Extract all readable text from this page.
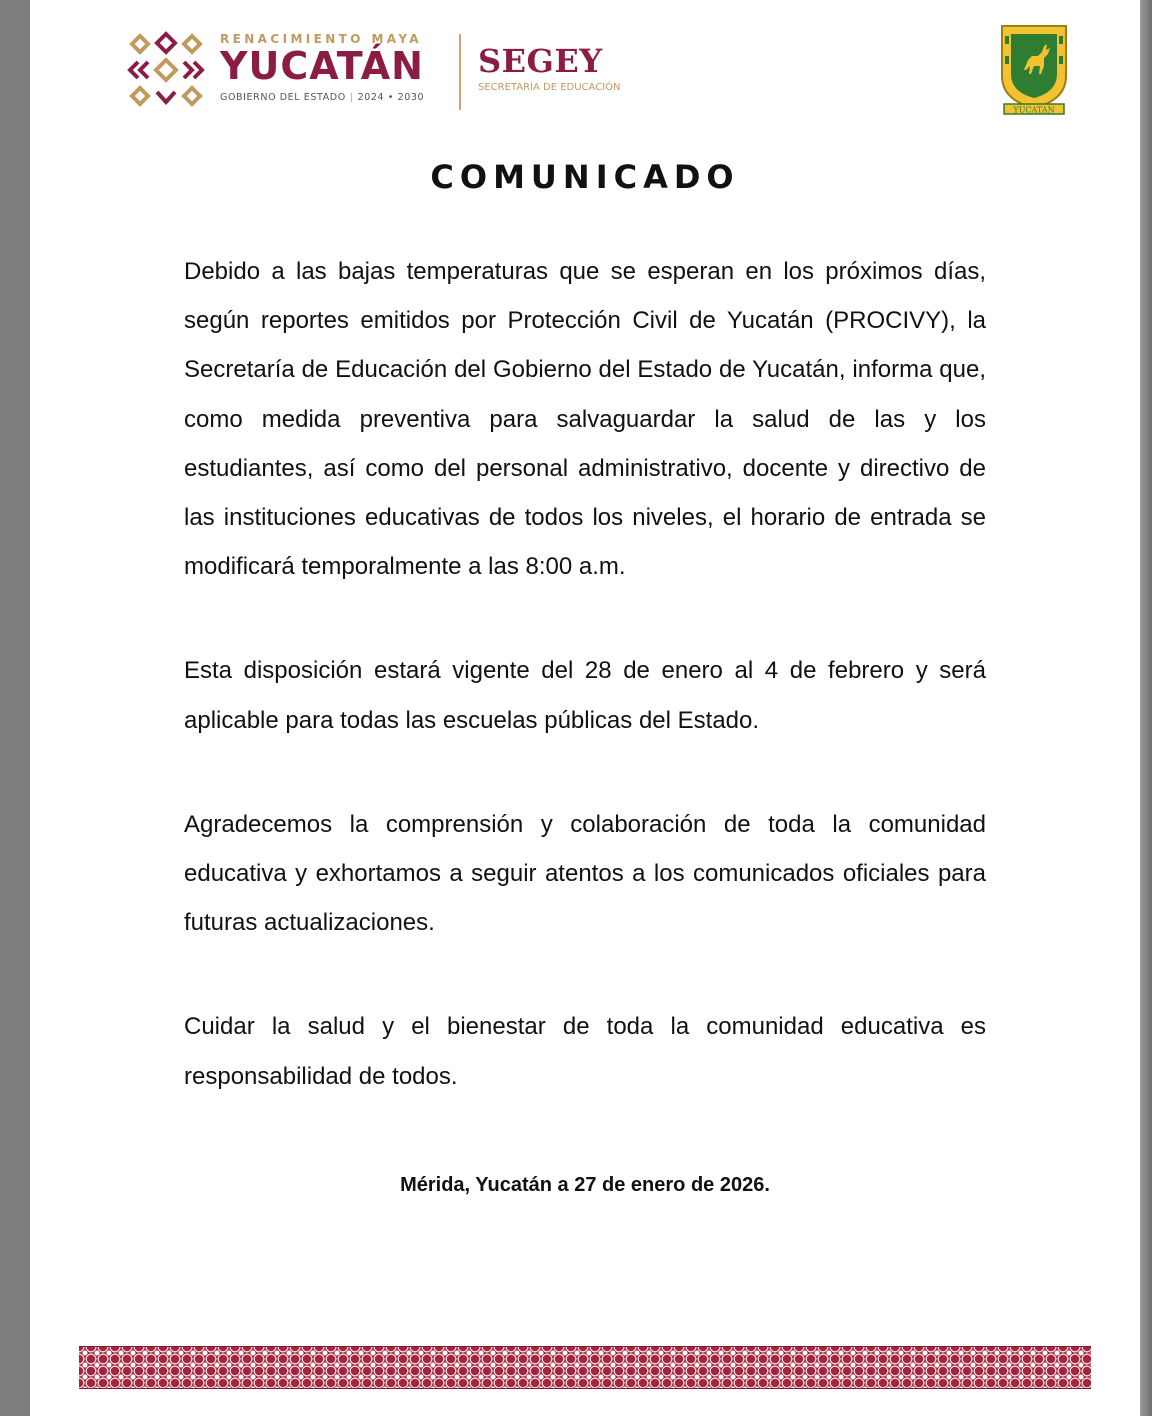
RENACIMIENTO MAYA
YUCATÁN
GOBIERNO DEL ESTADO | 2024 • 2030
SEGEY
SECRETARÍA DE EDUCACIÓN
YUCATAN
COMUNICADO

Debido a las bajas temperaturas que se esperan en los próximos días, según reportes emitidos por Protección Civil de Yucatán (PROCIVY), la Secretaría de Educación del Gobierno del Estado de Yucatán, informa que, como medida preventiva para salvaguardar la salud de las y los estudiantes, así como del personal administrativo, docente y directivo de las instituciones educativas de todos los niveles, el horario de entrada se modificará temporalmente a las 8:00 a.m.

Esta disposición estará vigente del 28 de enero al 4 de febrero y será aplicable para todas las escuelas públicas del Estado.

Agradecemos la comprensión y colaboración de toda la comunidad educativa y exhortamos a seguir atentos a los comunicados oficiales para futuras actualizaciones.

Cuidar la salud y el bienestar de toda la comunidad educativa es responsabilidad de todos.

Mérida, Yucatán a 27 de enero de 2026.
